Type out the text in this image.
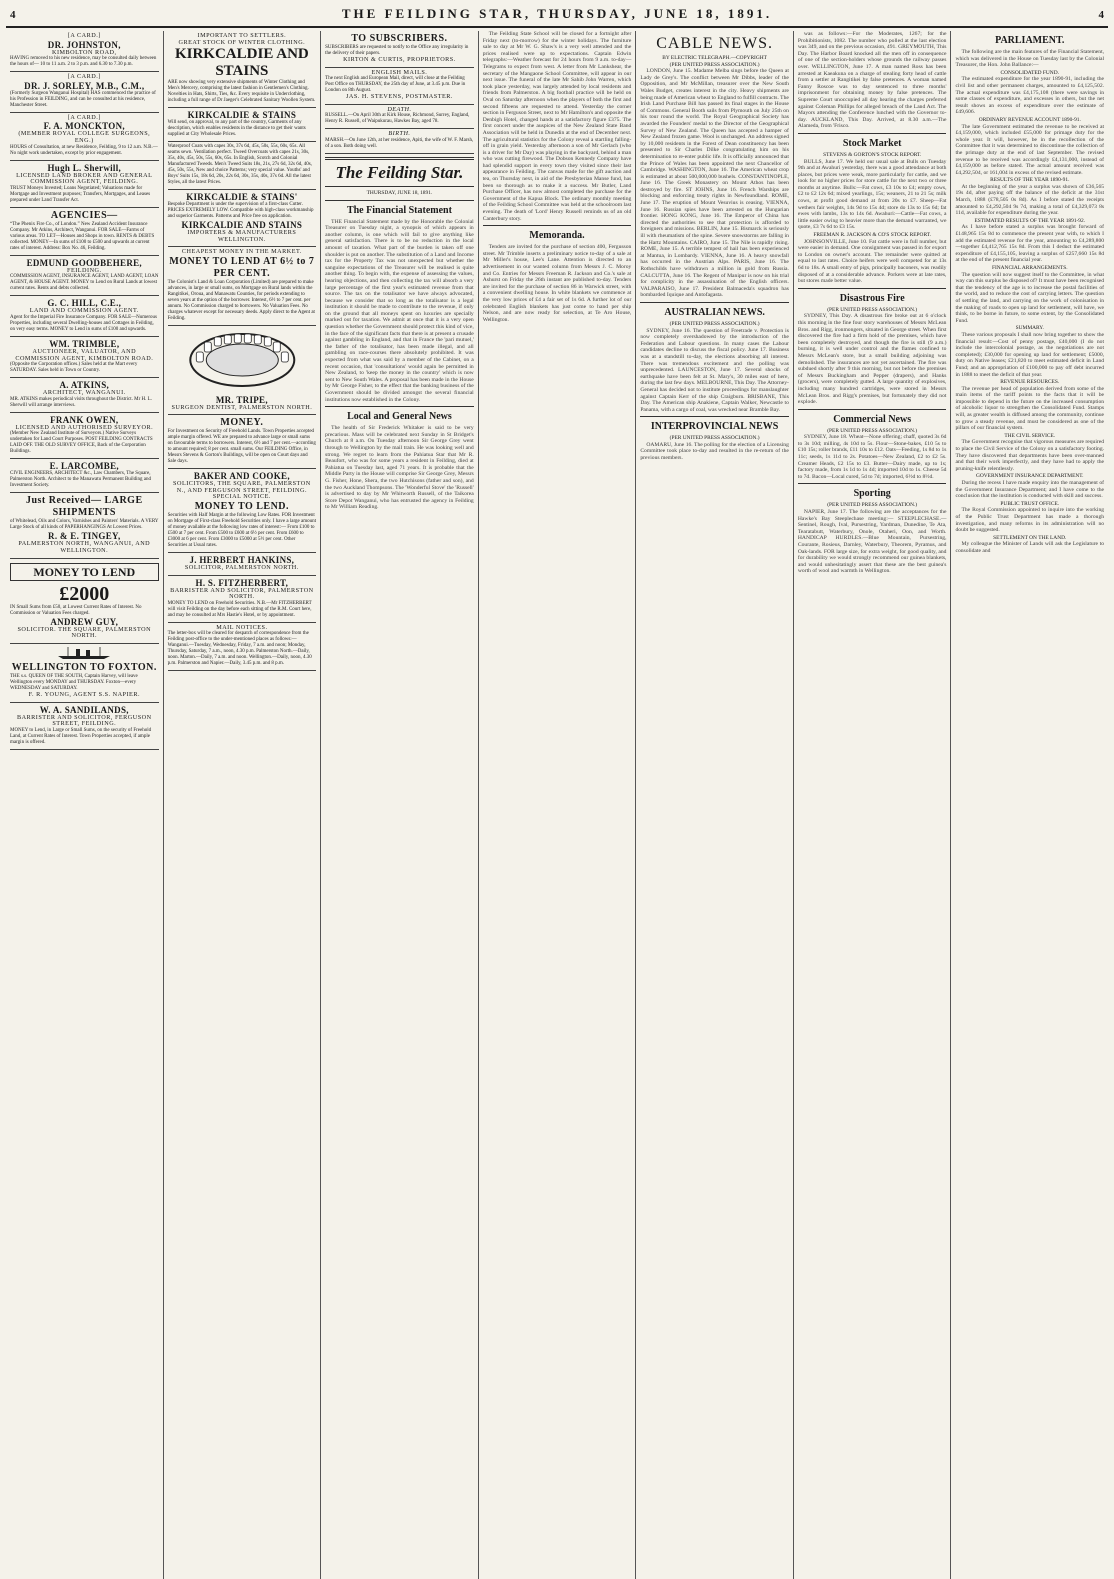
4	THE FEILDING STAR, THURSDAY, JUNE 18, 1891.	4

[A CARD.]

DR. JOHNSTON,

KIMBOLTON ROAD,

HAVING removed to his new residence, may be consulted daily between the hours of— 10 to 11 a.m. 2 to 3 p.m. and 6.30 to 7.30 p.m.

[A CARD.]

DR. J. SORLEY, M.B., C.M.,

(Formerly Surgeon Wanganui Hospital) HAS commenced the practice of his Profession in FEILDING, and can be consulted at his residence, Manchester Street.

[A CARD.]

F. A. MONCKTON,

(MEMBER ROYAL COLLEGE SURGEONS, ENG.)

HOURS of Consultation, at new Residence, Feilding, 9 to 12 a.m. N.B.—No night work undertaken, except by prior engagement.

Hugh L. Sherwill,

LICENSED LAND BROKER AND GENERAL COMMISSION AGENT, FEILDING.

TRUST Moneys Invested; Loans Negotiated; Valuations made for Mortgage and Investment purposes; Transfers, Mortgages, and Leases prepared under Land Transfer Act.

AGENCIES—

“The Phenix Fire Co., of London.” New Zealand Accident Insurance Company. Mr Atkins, Architect, Wanganui. FOR SALE—Farms of various areas. TO LET—Houses and Shops in town. RENTS & DEBTS collected. MONEY—In sums of £100 to £500 and upwards at current rates of interest. Address: Box No. 46, Feilding.

EDMUND GOODBEHERE,

FEILDING.

COMMISSION AGENT, INSURANCE AGENT, LAND AGENT, LOAN AGENT, & HOUSE AGENT. MONEY to Lend on Rural Lands at lowest current rates. Rents and debts collected.

G. C. HILL, C.E.,

LAND AND COMMISSION AGENT.

Agent for the Imperial Fire Insurance Company. FOR SALE—Numerous Properties, including several Dwelling-houses and Cottages in Feilding, on very easy terms. MONEY to Lend in sums of £100 and upwards.

WM. TRIMBLE,

AUCTIONEER, VALUATOR, AND COMMISSION AGENT, KIMBOLTON ROAD.

(Opposite the Corporation offices.) Sales held at the Mart every SATURDAY. Sales held in Town or Country.

A. ATKINS,

ARCHITECT, WANGANUI.

MR. ATKINS makes periodical visits throughout the District. Mr H. L. Sherwill will arrange interviews.

FRANK OWEN,

LICENSED AND AUTHORISED SURVEYOR.

(Member New Zealand Institute of Surveyors.) Native Surveys undertaken for Land Court Purposes. POST FEILDING CONTRACTS LAID OFF. THE OLD SURVEY OFFICE, Back of the Corporation Buildings.

E. LARCOMBE,

CIVIL ENGINEERS, ARCHITECT &c., Law Chambers, The Square, Palmerston North. Architect to the Manawatu Permanent Building and Investment Society.

Just Received— LARGE SHIPMENTS

of Whitelead, Oils and Colors, Varnishes and Painters' Materials. A VERY Large Stock of all kinds of PAPERHANGINGS At Lowest Prices.

R. & E. TINGEY,

PALMERSTON NORTH, WANGANUI, AND WELLINGTON.

MONEY TO LEND

£2000

IN Small Sums from £50, at Lowest Current Rates of Interest. No Commission or Valuation Fees charged.

ANDREW GUY,

SOLICITOR. THE SQUARE, PALMERSTON NORTH.

WELLINGTON TO FOXTON.

THE s.s. QUEEN OF THE SOUTH, Captain Harvey, will leave Wellington every MONDAY and THURSDAY. Foxton—every WEDNESDAY and SATURDAY.

F. R. YOUNG, AGENT S.S. NAPIER.

W. A. SANDILANDS,

BARRISTER AND SOLICITOR, FERGUSON STREET, FEILDING.

MONEY to Lend, in Large or Small Sums, on the security of Freehold Land, at Current Rates of Interest. Town Properties accepted, if ample margin is offered.

IMPORTANT TO SETTLERS.

GREAT STOCK OF WINTER CLOTHING.

KIRKCALDIE AND STAINS

ARE now showing very extensive shipments of Winter Clothing and Men's Mercery, comprising the latest fashion in Gentlemen's Clothing. Novelties in Hats, Shirts, Ties, &c. Every requisite in Underclothing, including a full range of Dr Jaeger's Celebrated Sanitary Woollen System.

KIRKCALDIE & STAINS

Will send, on approval, to any part of the country, Garments of any description, which enables residents in the distance to get their wants supplied at City Wholesale Prices.

Waterproof Coats with capes 30s, 37s 6d, 45s, 50s, 55s, 60s, 65s. All seams sewn. Ventilation perfect. Tweed Overcoats with capes 21s, 30s, 35s, 40s, 45s, 50s, 55s, 60s, 65s. In English, Scotch and Colonial Manufactured Tweeds. Men's Tweed Suits 18s, 21s, 27s 6d, 32s 6d, 40s, 45s, 50s, 55s, New and choice Patterns; very special value. Youths' and Boys' Suits 15s, 18s 6d, 20s, 22s 6d, 30s, 35s, 40s, 37s 6d. All the latest Styles, all the latest Prices.

KIRKCALDIE & STAINS'

Bespoke Department is under the supervision of a first-class Cutter. PRICES EXTREMELY LOW. Compatible with high-class workmanship and superior Garments. Patterns and Price free on application.

KIRKCALDIE AND STAINS

IMPORTERS & MANUFACTURERS WELLINGTON.

CHEAPEST MONEY IN THE MARKET.

MONEY TO LEND AT 6½ to 7 PER CENT.

The Colonist's Land & Loan Corporation (Limited) are prepared to make advances, in large or small sums, on Mortgage on Rural lands within the Rangitikei, Oroua, and Manawatu Counties, for periods extending to seven years at the option of the borrower. Interest, 6½ to 7 per cent. per annum. No Commission charged to borrowers. No Valuation Fees. No charges whatever except for necessary deeds. Apply direct to the Agent at Feilding.

MR. TRIPE,

SURGEON DENTIST, PALMERSTON NORTH.

MONEY.

For Investment on Security of Freehold Lands. Town Properties accepted ample margin offered. WE are prepared to advance large or small sums on favourable terms to borrowers. Interest, 6½ and 7 per cent.—according to amount required; 8 per cent. small sums. Our FEILDING Office, in Messrs Stevens & Gorton's Buildings, will be open on Court days and Sale days.

BAKER AND COOKE,

SOLICITORS, THE SQUARE, PALMERSTON N., AND FERGUSON STREET, FEILDING.

SPECIAL NOTICE.

MONEY TO LEND.

Securities with Half Margin at the following Low Rates. FOR Investment on Mortgage of First-class Freehold Securities only. I have a large amount of money available at the following low rates of interest:— From £100 to £500 at 7 per cent. From £500 to £600 at 6½ per cent. From £600 to £3000 at 6 per cent. From £3000 to £5000 at 5½ per cent. Other Securities at Usual rates.

J. HERBERT HANKINS,

SOLICITOR, PALMERSTON NORTH.

H. S. FITZHERBERT,

BARRISTER AND SOLICITOR, PALMERSTON NORTH.

MONEY TO LEND on Freehold Securities. N.B.—Mr FITZHERBERT will visit Feilding on the day before each sitting of the R.M. Court here, and may be consulted at Mrs Hastie's Hotel, or by appointment.

MAIL NOTICES.

The letter-box will be cleared for despatch of correspondence from the Feilding post-office to the under-mentioned places as follows:— Wanganui.—Tuesday, Wednesday, Friday, 7 a.m. and noon; Monday, Thursday, Saturday, 7 a.m., noon, 4.30 p.m. Palmerston North.—Daily, noon. Marton.—Daily, 7 a.m. and noon. Wellington.—Daily, noon, 4.30 p.m. Palmerston and Napier.—Daily, 3.45 p.m. and 8 p.m.

TO SUBSCRIBERS.

SUBSCRIBERS are requested to notify to the Office any irregularity in the delivery of their papers.

KIRTON & CURTIS, PROPRIETORS.

ENGLISH MAILS.

The next English and European Mail, direct, will close at the Feilding Post Office on THURSDAY, the 25th day of June, at 3.45 p.m. Due in London on 8th August.

JAS. H. STEVENS, POSTMASTER.

DEATH.

RUSSELL.—On April 30th at Kirk House, Richmond, Surrey, England, Henry R. Russell, of Waipukurau, Hawkes Bay, aged 78.

BIRTH.

MARSH.—On June 12th, at her residence, Apiti, the wife of W. F. Marsh, of a son. Both doing well.

The Feilding Star.
THURSDAY, JUNE 18, 1891.
The Financial Statement

THE Financial Statement made by the Honorable the Colonial Treasurer on Tuesday night, a synopsis of which appears in another column, is one which will fail to give anything like general satisfaction. There is to be no reduction in the local amount of taxation. What part of the burden is taken off one shoulder is put on another. The substitution of a Land and Income tax for the Property Tax was not unexpected but whether the sanguine expectations of the Treasurer will be realised is quite another thing. To begin with, the expense of assessing the values, hearing objections, and then collecting the tax will absorb a very large percentage of the first year's estimated revenue from that source. The tax on the totalisator we have always advocated, because we consider that so long as the totalisator is a legal institution it should be made to contribute to the revenue, if only on the ground that all moneys spent on luxuries are specially marked out for taxation. We admit at once that it is a very open question whether the Government should protect this kind of vice, in the face of the significant facts that there is at present a crusade against gambling in England, and that in France the 'pari mutuel,' the father of the totalisator, has been made illegal, and all gambling on race-courses there absolutely prohibited. It was expected from what was said by a member of the Cabinet, on a recent occasion, that 'consultations' would again be permitted in New Zealand, to 'keep the money in the country' which is now sent to New South Wales. A proposal has been made in the House by Mr George Fisher, to the effect that the banking business of the Government should be divided amongst the several financial institutions now established in the Colony.

Local and General News

The health of Sir Frederick Whitaker is said to be very precarious. Mass will be celebrated next Sunday in St Bridget's Church at 8 a.m. On Tuesday afternoon Sir George Grey went through to Wellington by the mail train. He was looking well and strong. We regret to learn from the Pahiatua Star that Mr R. Beaufort, who was for some years a resident in Feilding, died at Pahiatua on Tuesday last, aged 71 years. It is probable that the Middle Party in the House will comprise Sir George Grey, Messrs G. Fisher, Hone, Shera, the two Hutchisons (father and son), and the two Auckland Thompsons. The 'Wonderful Stove' the 'Russell' is advertised to day by Mr Whitworth Russell, of the Taikorea Store Depot Wanganui, who has entrusted the agency in Feilding to Mr William Reading.

The Feilding State School will be closed for a fortnight after Friday next (to-morrow) for the winter holidays. The furniture sale to day at Mr W. G. Shaw's is a very well attended and the prices realised were up to expectations. Captain Edwin telegraphs:—Weather forecast for 24 hours from 9 a.m. to-day—Telegrams to expect from west. A letter from Mr Lankshear, the secretary of the Mangaone School Committee, will appear in our next issue. The funeral of the late Mr Sahib John Warren, which took place yesterday, was largely attended by local residents and friends from Palmerston. A big football practice will be held on Oval on Saturday afternoon when the players of both the first and second fifteens are requested to attend. Yesterday the corner section in Ferguson Street, next to Mr Hamilton's and opposite the Denbigh Hotel, changed hands at a satisfactory figure £375. The first concert under the auspices of the New Zealand State Band Association will be held in Dunedin at the end of December next. The agricultural statistics for the Colony reveal a startling falling-off in grain yield. Yesterday afternoon a son of Mr Gerlach (who is a driver for Mr Day) was playing in the backyard, behind a man who was cutting firewood. The Dobson Kennedy Company have had splendid support in every town they visited since their last appearance in Feilding. The canvas made for the gift auction and tea, on Thursday next, in aid of the Presbyterian Manse fund, has been so thorough as to make it a success. Mr Butler, Land Purchase Officer, has now almost completed the purchase for the Government of the Kapua Block. The ordinary monthly meeting of the Feilding School Committee was held at the schoolroom last evening. The death of 'Lord' Henry Russell reminds us of an old Canterbury story.

Memoranda.

Tenders are invited for the purchase of section 400, Fergusson street. Mr Trimble inserts a preliminary notice to-day of a sale at Mr Miller's house, Lee's Lane. Attention is directed to an advertisement in our wanted column from Messrs J. C. Moroy and Co. Entries for Messrs Freeman R. Jackson and Co.'s sale at Ashurst on Friday the 26th instant are published to-day. Tenders are invited for the purchase of section 86 in Warwick street, with a convenient dwelling house. In white blankets we commence at the very low prices of £4 a fair set of 1s 6d. A further lot of our celebrated English blankets has just come to hand per ship Nelson, and are now ready for selection, at Te Aro House, Wellington.

CABLE NEWS.
BY ELECTRIC TELEGRAPH.—COPYRIGHT
(PER UNITED PRESS ASSOCIATION.)

LONDON, June 15. Madame Melba sings before the Queen at Lady de Grey's. The conflict between Mr Dibbs, leader of the Opposition, and Mr McMillan, treasurer over the New South Wales Budget, creates interest in the city. Heavy shipments are being made of American wheat to England to fulfill contracts. The Irish Land Purchase Bill has passed its final stages in the House of Commons. General Booth sails from Plymouth on July 25th on his tour round the world. The Royal Geographical Society has awarded the Founders' medal to the Director of the Geographical Survey of New Zealand. The Queen has accepted a hamper of New Zealand frozen game. Wool is unchanged. An address signed by 10,000 residents in the Forest of Dean constituency has been presented to Sir Charles Dilke congratulating him on his determination to re-enter public life. It is officially announced that the Prince of Wales has been appointed the next Chancellor of Cambridge. WASHINGTON, June 16. The American wheat crop is estimated at about 500,000,000 bushels. CONSTANTINOPLE, June 16. The Greek Monastery on Mount Athos has been destroyed by fire. ST JOHNS, June 16. French Warships are blocking and enforcing treaty rights in Newfoundland. ROME, June 17. The eruption of Mount Vesuvius is ceasing. VIENNA, June 16. Russian spies have been arrested on the Hungarian frontier. HONG KONG, June 16. The Emperor of China has directed the authorities to see that protection is afforded to foreigners and missions. BERLIN, June 15. Bismarck is seriously ill with rheumatism of the spine. Severe snowstorms are falling in the Hartz Mountains. CAIRO, June 15. The Nile is rapidly rising. ROME, June 15. A terrible tempest of hail has been experienced at Mantua, in Lombardy. VIENNA, June 16. A heavy snowfall has occurred in the Austrian Alps. PARIS, June 16. The Rothschilds have withdrawn a million in gold from Russia. CALCUTTA, June 16. The Regent of Manipur is now on his trial for complicity in the assassination of the English officers. VALPARAISO, June 17. President Balmaceda's squadron has bombarded Iquique and Antofagasta.

AUSTRALIAN NEWS.
(PER UNITED PRESS ASSOCIATION.)

SYDNEY, June 16. The question of Freetrade v. Protection is now completely overshadowed by the introduction of the Federation and Labour questions. In many cases the Labour candidates decline to discuss the fiscal policy. June 17. Business was at a standstill to-day, the elections absorbing all interest. There was tremendous excitement and the polling was unprecedented. LAUNCESTON, June 17. Several shocks of earthquake have been felt at St. Mary's, 30 miles east of here, during the last few days. MELBOURNE, This Day. The Attorney-General has decided not to institute proceedings for manslaughter against Captain Kerr of the ship Craigburn. BRISBANE, This Day. The American ship Anakiene, Captain Walker, Newcastle to Panama, with a cargo of coal, was wrecked near Bramble Bay.

INTERPROVINCIAL NEWS
(PER UNITED PRESS ASSOCIATION.)

OAMARU, June 16. The polling for the election of a Licensing Committee took place to-day and resulted in the re-return of the previous members.

was as follows:—For the Moderates, 1267; for the Prohibitionists, 1082. The number who polled at the last election was 349, and on the previous occasion, 491. GREYMOUTH, This Day. The Harbor Board knocked all the men off in consequence of one of the section-holders whose grounds the railway passes over. WELLINGTON, June 17. A man named Ross has been arrested at Kaeakuna on a charge of stealing forty head of cattle from a settler at Rangitikei by false pretences. A woman named Fanny Roscoe was to day sentenced to three months' imprisonment for obtaining money by false pretences. The Supreme Court unoccupied all day hearing the charges preferred against Coleman Phillips for alleged breach of the Land Act. The Mayors attending the Conference lunched with the Governor to-day. AUCKLAND, This Day. Arrived, at 8.30 a.m.—The Alameda, from 'Frisco.

Stock Market
STEVENS & GORTON'S STOCK REPORT.

BULLS, June 17. We held our usual sale at Bulls on Tuesday 9th and at Awahuri yesterday, there was a good attendance at both places, but prices were weak, more particularly for cattle, and we look for no higher prices for store cattle for the next two or three months at anytime. Bulls:—Fat cows, £3 10s to £4; empty cows, £2 to £2 12s 6d; mixed yearlings, 15s; weaners, 21 to 21 5s; milk cows, at profit good demand at from 20s to £7. Sheep—Fat wethers fair weights, 14s 9d to 15s 4d; store do 13s to 15s 6d; fat ewes with lambs, 13s to 14s 6d. Awahuri:—Cattle—Fat cows, a little easier owing to heavier more than the demand warranted, we quote, £3 7s 6d to £3 15s.

FREEMAN R. JACKSON & CO'S STOCK REPORT.

JOHNSONVILLE, June 10. Fat cattle were in full number, but were easier in demand. One consignment was passed in for export to London on owner's account. The remainder were quitted at equal to last rates. Choice heifers were well competed for at 13s 6d to 18s. A small entry of pigs, principally baconers, was readily disposed of at a considerable advance. Porkers were at late rates, but stores made better value.

Disastrous Fire
(PER UNITED PRESS ASSOCIATION.)

SYDNEY, This Day. A disastrous fire broke out at 6 o'clock this morning in the fine four story warehouses of Messrs McLean Bros. and Rigg, ironmongers, situated in George street. When first discovered the fire had a firm hold of the premises, which have been completely destroyed, and though the fire is still (9 a.m.) burning, it is well under control and the flames confined to Messrs McLean's store, but a small building adjoining was demolished. The insurances are not yet ascertained. The fire was subdued shortly after 9 this morning, but not before the premises of Messrs Buckingham and Pepper (drapers), and Hanks (grocers), were completely gutted. A large quantity of explosives, including many hundred cartridges, were stored in Messrs McLean Bros. and Rigg's premises, but fortunately they did not explode.

Commercial News
(PER UNITED PRESS ASSOCIATION.)

SYDNEY, June 18. Wheat—None offering; chaff, quoted 3s 6d to 3s 10d; milling, 4s 10d to 5s. Flour—Stone-bakes, £10 5s to £10 15s; roller brands, £11 10s to £12. Oats—Feeding, 1s 8d to 1s 11c; seeds, 1s 11d to 2s. Potatoes—New Zealand, £2 to £2 5s. Creamer Heads, £2 15s to £3. Butter—Dairy made, up to 1s; factory made, from 1s 1d to 1s 4d; imported 10d to 1s. Cheese 5d to 7d. Bacon—Local cured, 5d to 7d; imported, 6½d to 8½d.

Sporting
(PER UNITED PRESS ASSOCIATION.)

NAPIER, June 17. The following are the acceptances for the Hawke's Bay Steeplechase meeting:— STEEPLECHASE.—Sentinel, Rough, Ival, Pursestring, Yardman, Dunedine, Te Ata, Tearatabutt, Waterbury, Onole, Otaheri, Oon, and Worth. HANDICAP HURDLES.—Blue Mountain, Pursestring, Courante, Rosieus, Darnley, Waterbury, Theorem, Pyramus, and Oak-lands. FOR large size, for extra weight, for good quality, and for durability we would strongly recommend our guinea blankets, and would unhesitatingly assert that these are the best guinea's worth of wool and warmth in Wellington.

PARLIAMENT.

The following are the main features of the Financial Statement, which was delivered in the House on Tuesday last by the Colonial Treasurer, the Hon. John Ballance:—

CONSOLIDATED FUND.

The estimated expenditure for the year 1890-91, including the civil list and other permanent charges, amounted to £4,125,502. The actual expenditure was £4,175,108 (there were savings in some classes of expenditure, and excesses in others, but the net result shows an excess of expenditure over the estimate of £49,606.

ORDINARY REVENUE ACCOUNT 1890-91.

The late Government estimated the revenue to be received at £4,159,000, which included £55,000 for primage duty for the whole year. It will, however, be in the recollection of the Committee that it was determined to discontinue the collection of the primage duty at the end of last September. The revised revenue to be received was accordingly £4,131,000, instead of £4,159,000 as before stated. The actual amount received was £4,292,504, or 161,004 in excess of the revised estimate.

RESULTS OF THE YEAR 1890-91.

At the beginning of the year a surplus was shown of £36,565 19s 4d, after paying off the balance of the deficit at the 31st March, 1888 (£78,505 0s 8d). As I before stated the receipts amounted to £4,292,504 9s 7d, making a total of £4,329,073 8s 11d, available for expenditure during the year.

ESTIMATED RESULTS OF THE YEAR 1891-92.

As I have before stated a surplus was brought forward of £148,965 15s 8d to commence the present year with, to which I add the estimated revenue for the year, amounting to £4,289,800—together £4,412,765 15s 8d. From this I deduct the estimated expenditure of £4,155,105, leaving a surplus of £257,660 15s 8d at the end of the present financial year.

FINANCIAL ARRANGEMENTS.

The question will now suggest itself to the Committee, in what way can this surplus be disposed of? It must have been recognised that the tendency of the age is to increase the postal facilities of the world, and to reduce the cost of carrying letters. The question of settling the land, and carrying on the work of colonisation in the making of roads to open up land for settlement, will have, we think, to be borne in future, to some extent, by the Consolidated Fund.

SUMMARY.

These various proposals I shall now bring together to show the financial result:—Cost of penny postage, £40,000 (I do not include the intercolonial postage, as the negotiations are not completed); £30,000 for opening up land for settlement; £5000, duty on Native leases; £21,820 to meet estimated deficit in Land Fund; and an appropriation of £100,000 to pay off debt incurred in 1888 to meet the deficit of that year.

REVENUE RESOURCES.

The revenue per head of population derived from some of the main items of the tariff points to the facts that it will be impossible to depend in the future on the increased consumption of alcoholic liquor to strengthen the Consolidated Fund. Stamps will, as greater wealth is diffused among the community, continue to grow a steady revenue, and must be considered as one of the pillars of our financial system.

THE CIVIL SERVICE.

The Government recognise that vigorous measures are required to place the Civil Service of the Colony on a satisfactory footing. They have discovered that departments have been over-manned and that their work imperfectly, and they have had to apply the pruning-knife relentlessly.

GOVERNMENT INSURANCE DEPARTMENT.

During the recess I have made enquiry into the management of the Government Insurance Department; and I have come to the conclusion that the institution is conducted with skill and success.

PUBLIC TRUST OFFICE.

The Royal Commission appointed to inquire into the working of the Public Trust Department has made a thorough investigation, and many reforms in its administration will no doubt be suggested.

SETTLEMENT ON THE LAND.

My colleague the Minister of Lands will ask the Legislature to consolidate and
